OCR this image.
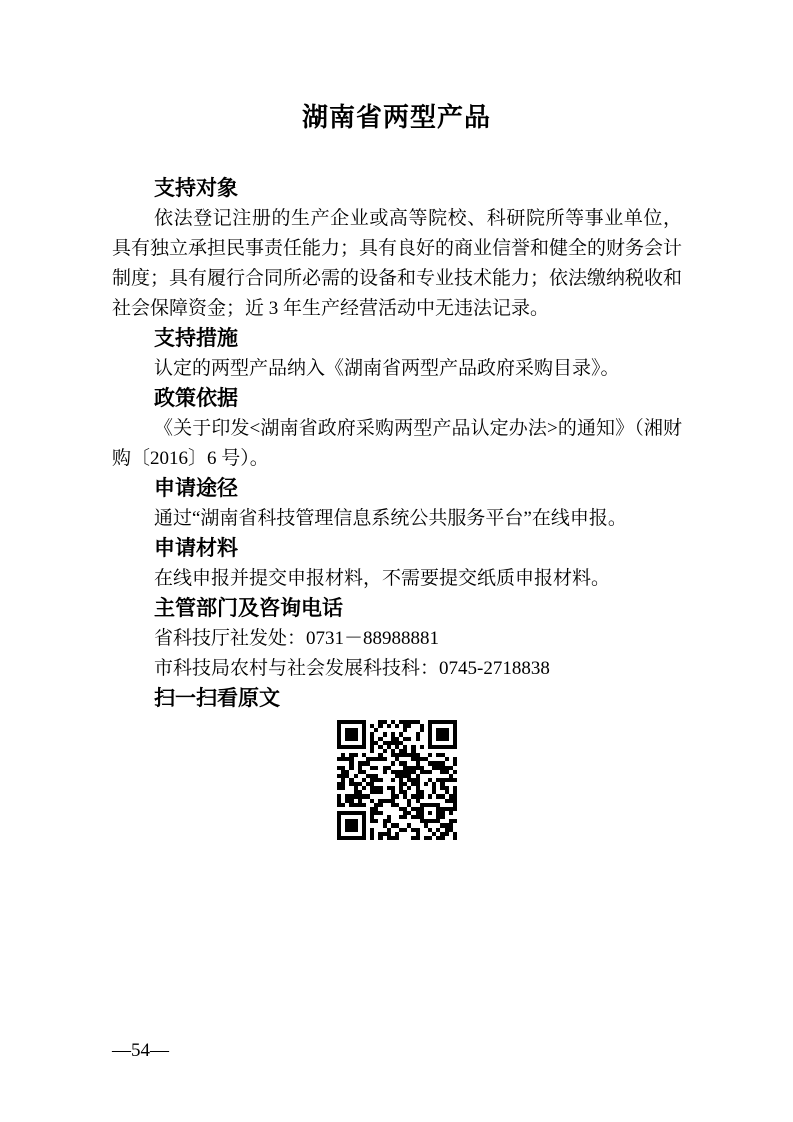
湖南省两型产品
支持对象

依法登记注册的生产企业或高等院校、科研院所等事业单位，具有独立承担民事责任能力；具有良好的商业信誉和健全的财务会计制度；具有履行合同所必需的设备和专业技术能力；依法缴纳税收和社会保障资金；近 3 年生产经营活动中无违法记录。

支持措施

认定的两型产品纳入《湖南省两型产品政府采购目录》。

政策依据

《关于印发<湖南省政府采购两型产品认定办法>的通知》（湘财购〔2016〕6 号）。

申请途径

通过“湖南省科技管理信息系统公共服务平台”在线申报。

申请材料

在线申报并提交申报材料，不需要提交纸质申报材料。

主管部门及咨询电话

省科技厅社发处：0731－88988881

市科技局农村与社会发展科技科：0745-2718838

扫一扫看原文
—54—
